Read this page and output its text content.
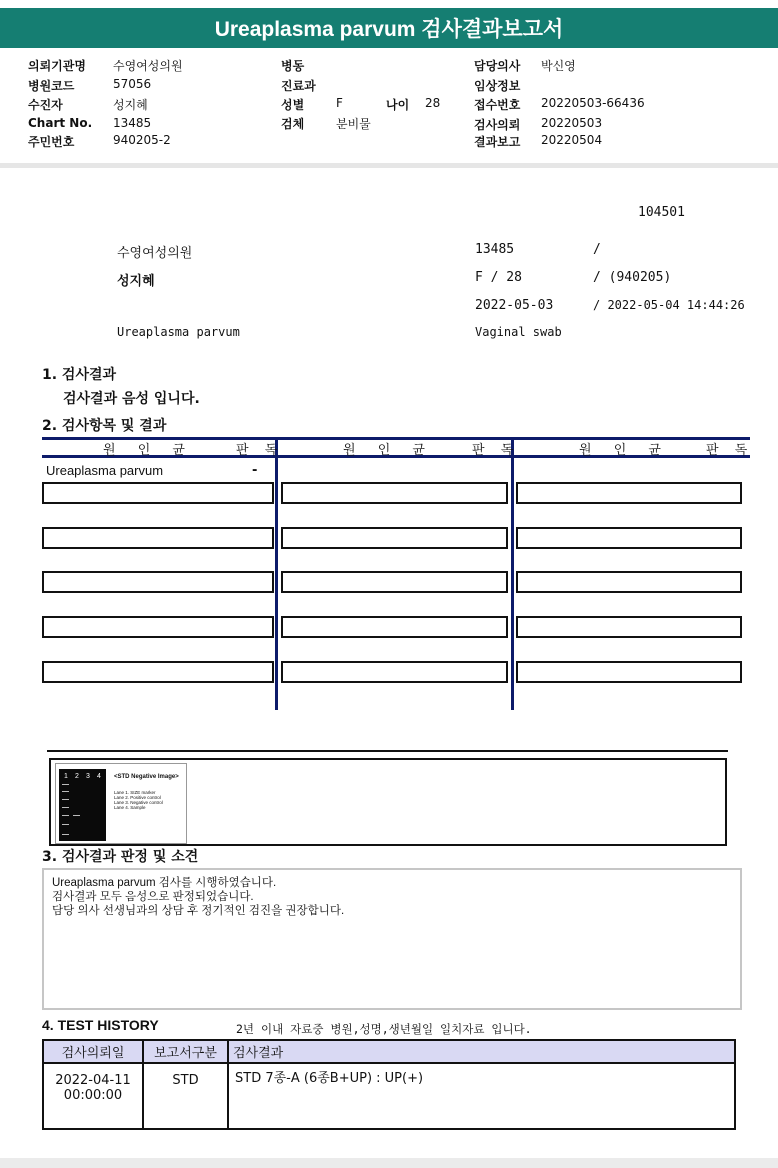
Ureaplasma parvum 검사결과보고서
의뢰기관명 수영여성의원
병원코드	57056
수진자	성지혜
Chart No. 13485
주민번호	940205-2
병동
진료과
성별	F	나이 28
검체	분비물
담당의사 박신영
임상정보
접수번호 20220503-66436
검사의뢰 20220503
결과보고 20220504
104501
수영여성의원	13485	/
성지혜	F / 28	/ (940205)
2022-05-03	/ 2022-05-04 14:44:26
Ureaplasma parvum	Vaginal swab
1. 검사결과
검사결과 음성 입니다.
2. 검사항목 및 결과
원 인 균	판 독	원 인 균	판 독	원 인 균	판 독
Ureaplasma parvum	-
1 2 3 4 <STD Negative Image>
Lane 1. SIZE marker
Lane 2. Positive control
Lane 3. Negative control
Lane 4. Sample
3. 검사결과 판정 및 소견
Ureaplasma parvum 검사를 시행하였습니다.
검사결과 모두 음성으로 판정되었습니다.
담당 의사 선생님과의 상담 후 정기적인 검진을 권장합니다.
4. TEST HISTORY	2년 이내 자료중 병원,성명,생년월일 일치자료 입니다.
검사의뢰일	보고서구분	검사결과

2022-04-11
00:00:00	STD	STD 7종-A (6종B+UP) : UP(+)
